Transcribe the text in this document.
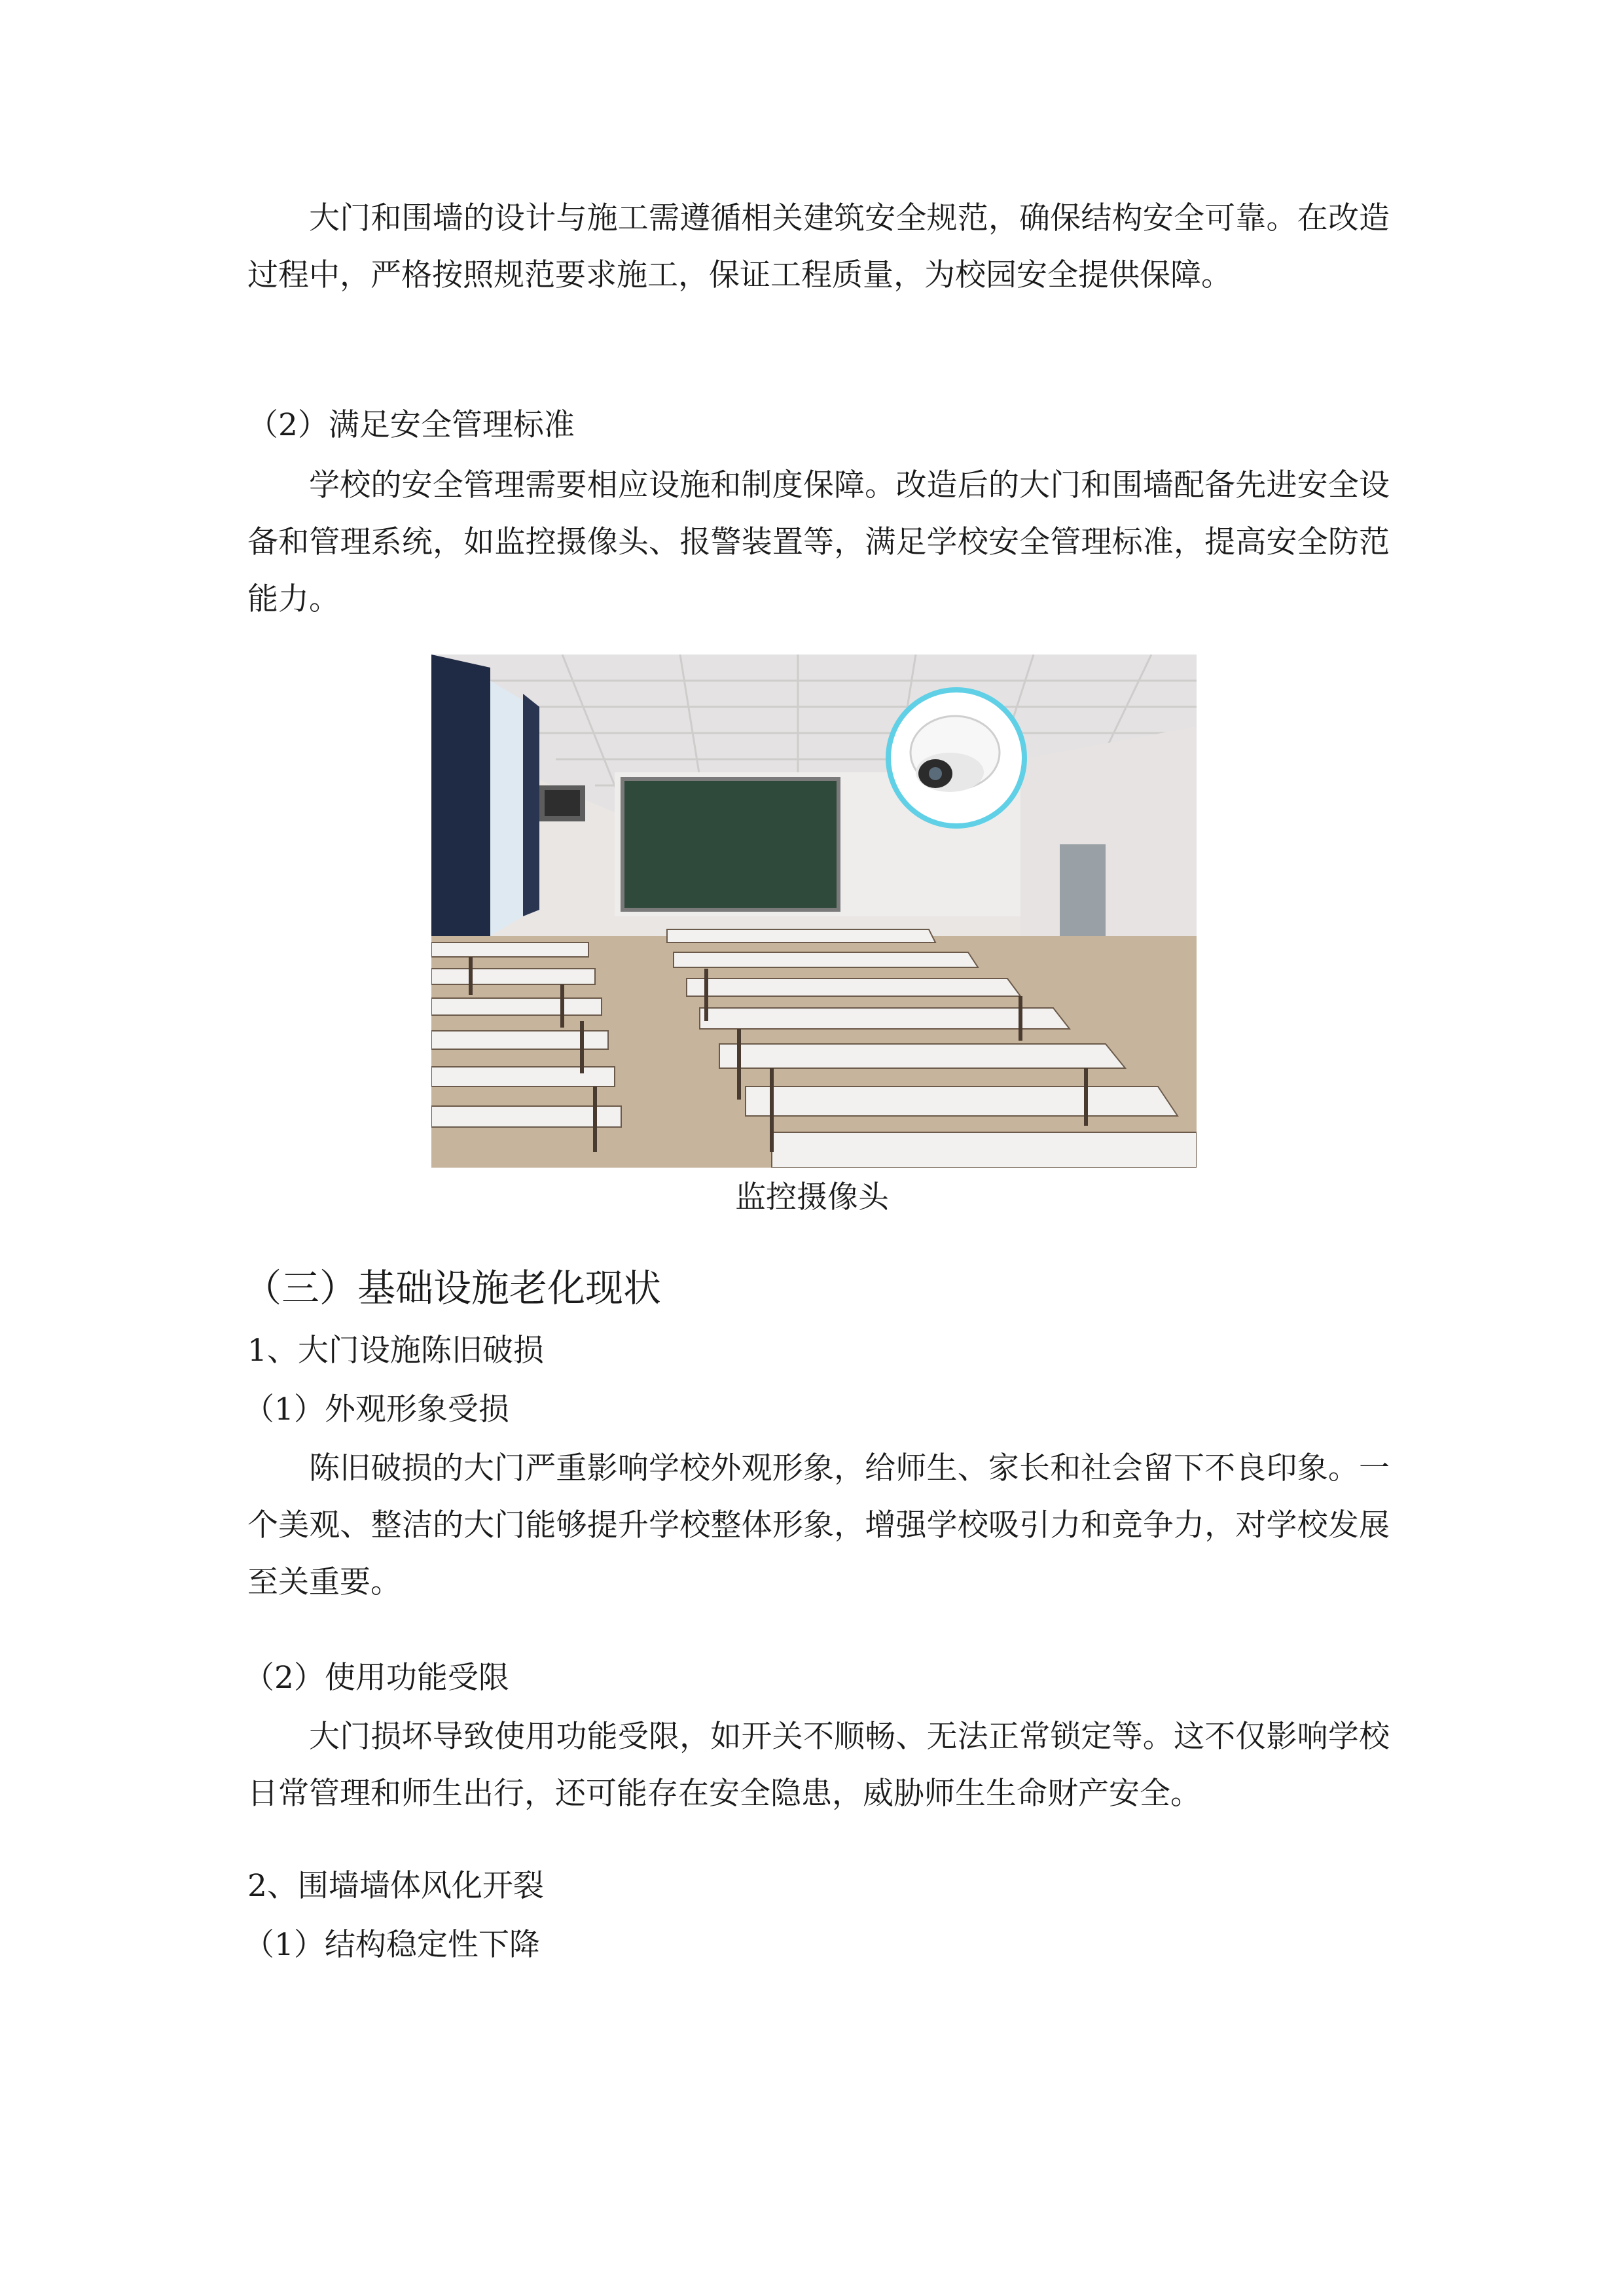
大门和围墙的设计与施工需遵循相关建筑安全规范，确保结构安全可靠。在改造过程中，严格按照规范要求施工，保证工程质量，为校园安全提供保障。

（2）满足安全管理标准

学校的安全管理需要相应设施和制度保障。改造后的大门和围墙配备先进安全设备和管理系统，如监控摄像头、报警装置等，满足学校安全管理标准，提高安全防范能力。

监控摄像头

（三）基础设施老化现状

1、大门设施陈旧破损

（1）外观形象受损

陈旧破损的大门严重影响学校外观形象，给师生、家长和社会留下不良印象。一个美观、整洁的大门能够提升学校整体形象，增强学校吸引力和竞争力，对学校发展至关重要。

（2）使用功能受限

大门损坏导致使用功能受限，如开关不顺畅、无法正常锁定等。这不仅影响学校日常管理和师生出行，还可能存在安全隐患，威胁师生生命财产安全。

2、围墙墙体风化开裂

（1）结构稳定性下降
